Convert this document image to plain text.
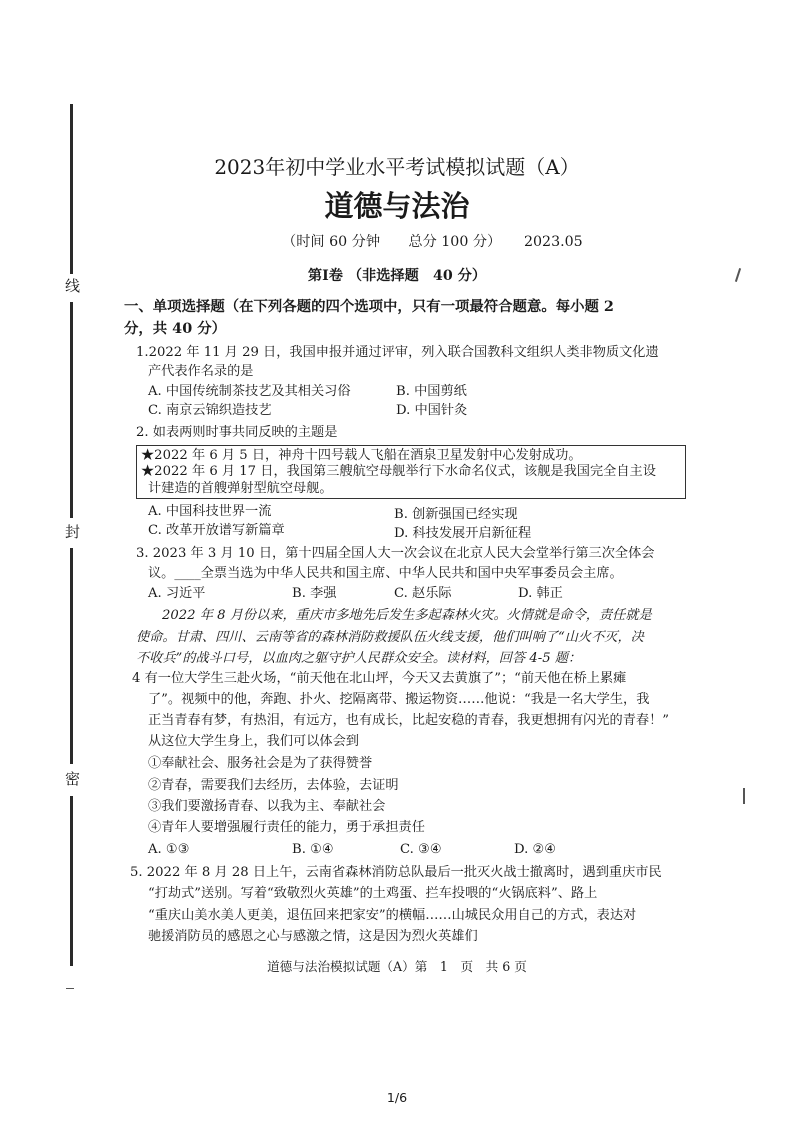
线
封
密
2023年初中学业水平考试模拟试题（A）
道德与法治
（时间 60 分钟　　总分 100 分） 2023.05
第Ⅰ卷 （非选择题　40 分）
一、单项选择题（在下列各题的四个选项中，只有一项最符合题意。每小题 2
分，共 40 分）
1.2022 年 11 月 29 日，我国申报并通过评审，列入联合国教科文组织人类非物质文化遗
产代表作名录的是
A. 中国传统制茶技艺及其相关习俗	B. 中国剪纸
C. 南京云锦织造技艺	D. 中国针灸
2. 如表两则时事共同反映的主题是
★2022 年 6 月 5 日，神舟十四号载人飞船在酒泉卫星发射中心发射成功。
★2022 年 6 月 17 日，我国第三艘航空母舰举行下水命名仪式，该舰是我国完全自主设
计建造的首艘弹射型航空母舰。
A. 中国科技世界一流	B. 创新强国已经实现
C. 改革开放谱写新篇章	D. 科技发展开启新征程
3. 2023 年 3 月 10 日，第十四届全国人大一次会议在北京人民大会堂举行第三次全体会
议。____全票当选为中华人民共和国主席、中华人民共和国中央军事委员会主席。
A. 习近平	B. 李强	C. 赵乐际	D. 韩正
2022 年 8 月份以来，重庆市多地先后发生多起森林火灾。火情就是命令，责任就是
使命。甘肃、四川、云南等省的森林消防救援队伍火线支援，他们叫响了“山火不灭，决
不收兵”的战斗口号，以血肉之躯守护人民群众安全。读材料，回答 4-5 题：
4 有一位大学生三赴火场，“前天他在北山坪，今天又去黄旗了”；“前天他在桥上累瘫
了”。视频中的他，奔跑、扑火、挖隔离带、搬运物资……他说：“我是一名大学生，我
正当青春有梦，有热泪，有远方，也有成长，比起安稳的青春，我更想拥有闪光的青春！”
从这位大学生身上，我们可以体会到
①奉献社会、服务社会是为了获得赞誉
②青春，需要我们去经历，去体验，去证明
③我们要激扬青春、以我为主、奉献社会
④青年人要增强履行责任的能力，勇于承担责任
A. ①③	B. ①④	C. ③④	D. ②④
5. 2022 年 8 月 28 日上午，云南省森林消防总队最后一批灭火战士撤离时，遇到重庆市民
“打劫式”送别。写着“致敬烈火英雄”的土鸡蛋、拦车投喂的“火锅底料”、路上
“重庆山美水美人更美，退伍回来把家安”的横幅……山城民众用自己的方式，表达对
驰援消防员的感恩之心与感激之情，这是因为烈火英雄们
道德与法治模拟试题（A）第　1　页　共 6 页
1/6
